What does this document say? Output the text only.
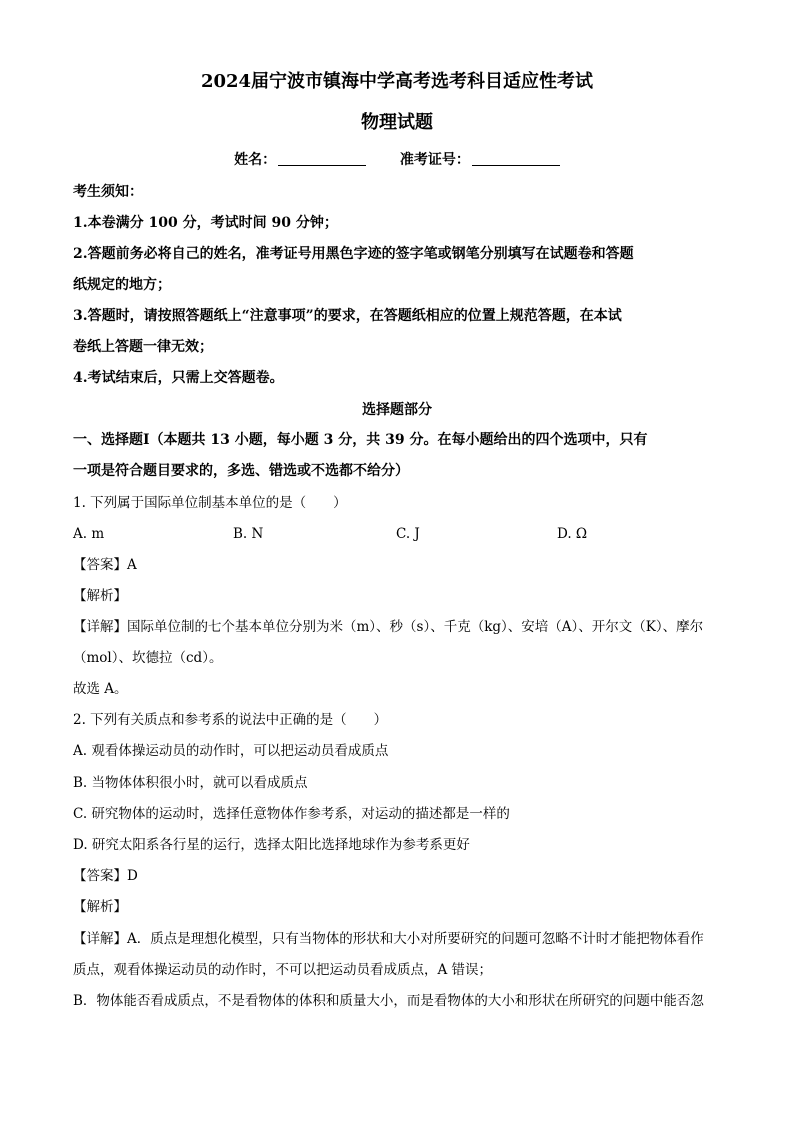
2024届宁波市镇海中学高考选考科目适应性考试
物理试题
姓名：	准考证号：
考生须知：
1.本卷满分 100 分，考试时间 90 分钟；
2.答题前务必将自己的姓名，准考证号用黑色字迹的签字笔或钢笔分别填写在试题卷和答题
纸规定的地方；
3.答题时，请按照答题纸上“注意事项”的要求，在答题纸相应的位置上规范答题，在本试
卷纸上答题一律无效；
4.考试结束后，只需上交答题卷。
选择题部分
一、选择题Ⅰ（本题共 13 小题，每小题 3 分，共 39 分。在每小题给出的四个选项中，只有
一项是符合题目要求的，多选、错选或不选都不给分）
1. 下列属于国际单位制基本单位的是（　　）
A. m	B. N	C. J	D. Ω
【答案】A
【解析】
【详解】国际单位制的七个基本单位分别为米（m）、秒（s）、千克（kg）、安培（A）、开尔文（K）、摩尔
（mol）、坎德拉（cd）。
故选 A。
2. 下列有关质点和参考系的说法中正确的是（　　）
A. 观看体操运动员的动作时，可以把运动员看成质点
B. 当物体体积很小时，就可以看成质点
C. 研究物体的运动时，选择任意物体作参考系，对运动的描述都是一样的
D. 研究太阳系各行星的运行，选择太阳比选择地球作为参考系更好
【答案】D
【解析】
【详解】A．质点是理想化模型，只有当物体的形状和大小对所要研究的问题可忽略不计时才能把物体看作
质点，观看体操运动员的动作时，不可以把运动员看成质点，A 错误；
B．物体能否看成质点，不是看物体的体积和质量大小，而是看物体的大小和形状在所研究的问题中能否忽
